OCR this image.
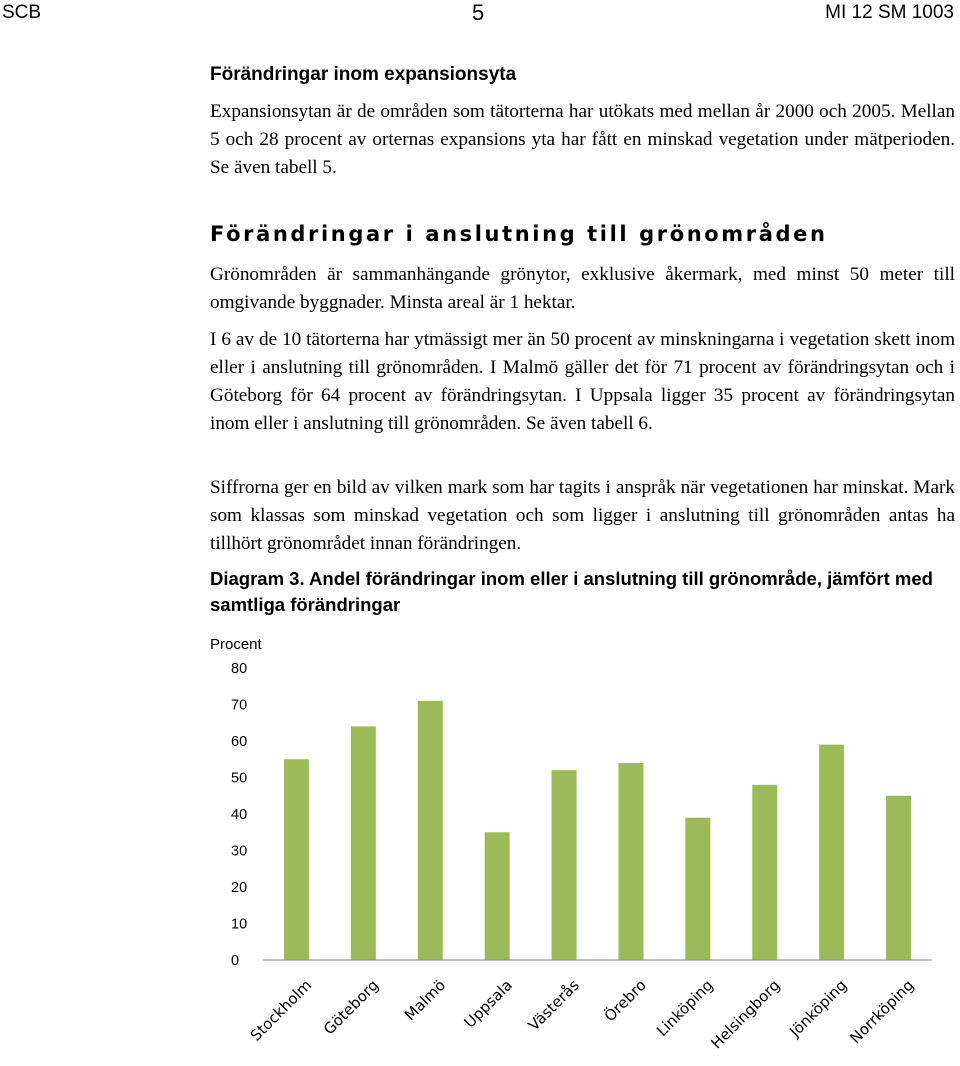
SCB	5	MI 12 SM 1003
Förändringar inom expansionsyta

Expansionsytan är de områden som tätorterna har utökats med mellan år 2000 och 2005. Mellan 5 och 28 procent av orternas expansions yta har fått en minskad vegetation under mätperioden. Se även tabell 5.

Förändringar i anslutning till grönområden

Grönområden är sammanhängande grönytor, exklusive åkermark, med minst 50 meter till omgivande byggnader. Minsta areal är 1 hektar.

I 6 av de 10 tätorterna har ytmässigt mer än 50 procent av minskningarna i vegetation skett inom eller i anslutning till grönområden. I Malmö gäller det för 71 procent av förändringsytan och i Göteborg för 64 procent av förändringsytan. I Uppsala ligger 35 procent av förändringsytan inom eller i anslutning till grönområden. Se även tabell 6.

Siffrorna ger en bild av vilken mark som har tagits i anspråk när vegetationen har minskat. Mark som klassas som minskad vegetation och som ligger i anslutning till grönområden antas ha tillhört grönområdet innan förändringen.

Diagram 3. Andel förändringar inom eller i anslutning till grönområde, jämfört med samtliga förändringar

Procent
0
10
20
30
40
50
60
70
80
Stockholm Göteborg Malmö Uppsala Västerås Örebro Linköping
Helsingborg Jönköping
Norrköping
